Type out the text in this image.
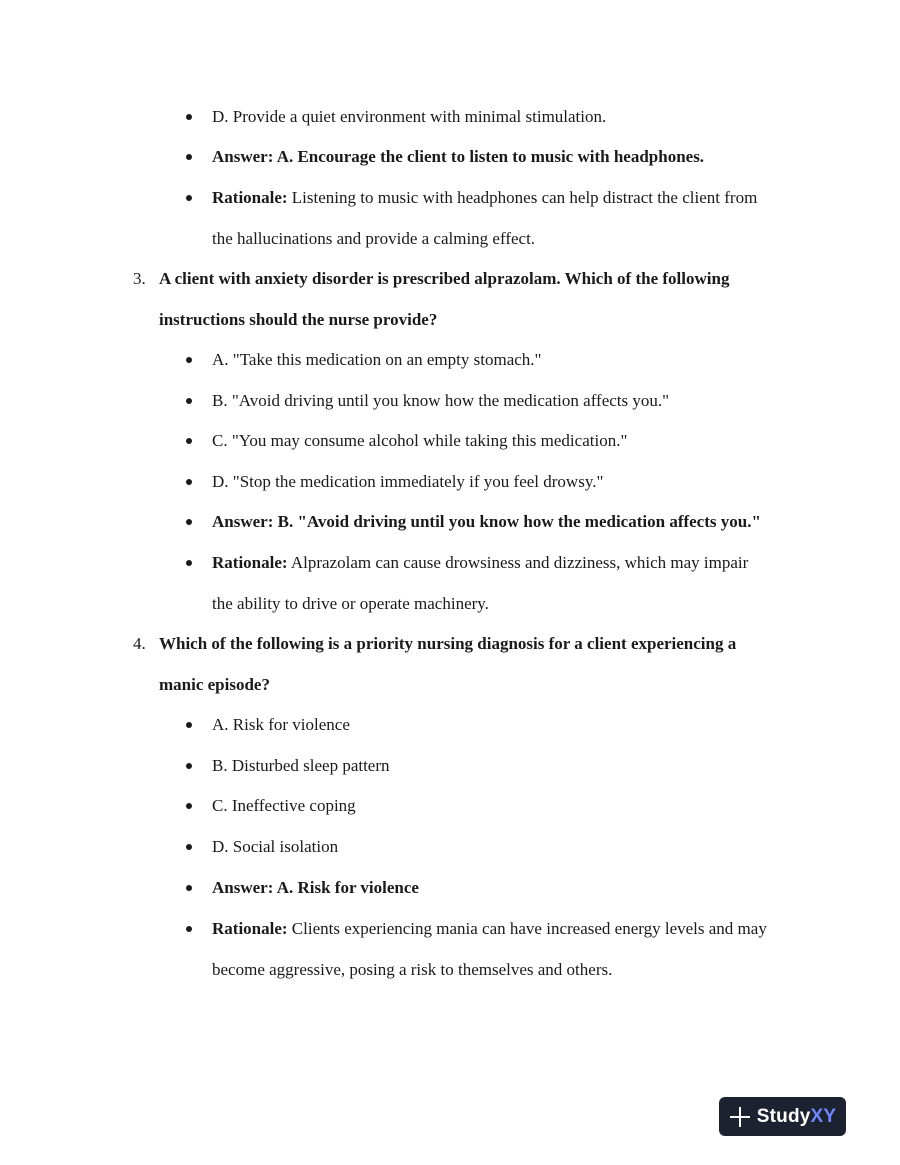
D. Provide a quiet environment with minimal stimulation.
Answer: A. Encourage the client to listen to music with headphones.
Rationale: Listening to music with headphones can help distract the client from
the hallucinations and provide a calming effect.
3. A client with anxiety disorder is prescribed alprazolam. Which of the following
instructions should the nurse provide?
A. "Take this medication on an empty stomach."
B. "Avoid driving until you know how the medication affects you."
C. "You may consume alcohol while taking this medication."
D. "Stop the medication immediately if you feel drowsy."
Answer: B. "Avoid driving until you know how the medication affects you."
Rationale: Alprazolam can cause drowsiness and dizziness, which may impair
the ability to drive or operate machinery.
4. Which of the following is a priority nursing diagnosis for a client experiencing a
manic episode?
A. Risk for violence
B. Disturbed sleep pattern
C. Ineffective coping
D. Social isolation
Answer: A. Risk for violence
Rationale: Clients experiencing mania can have increased energy levels and may
become aggressive, posing a risk to themselves and others.
StudyXY
